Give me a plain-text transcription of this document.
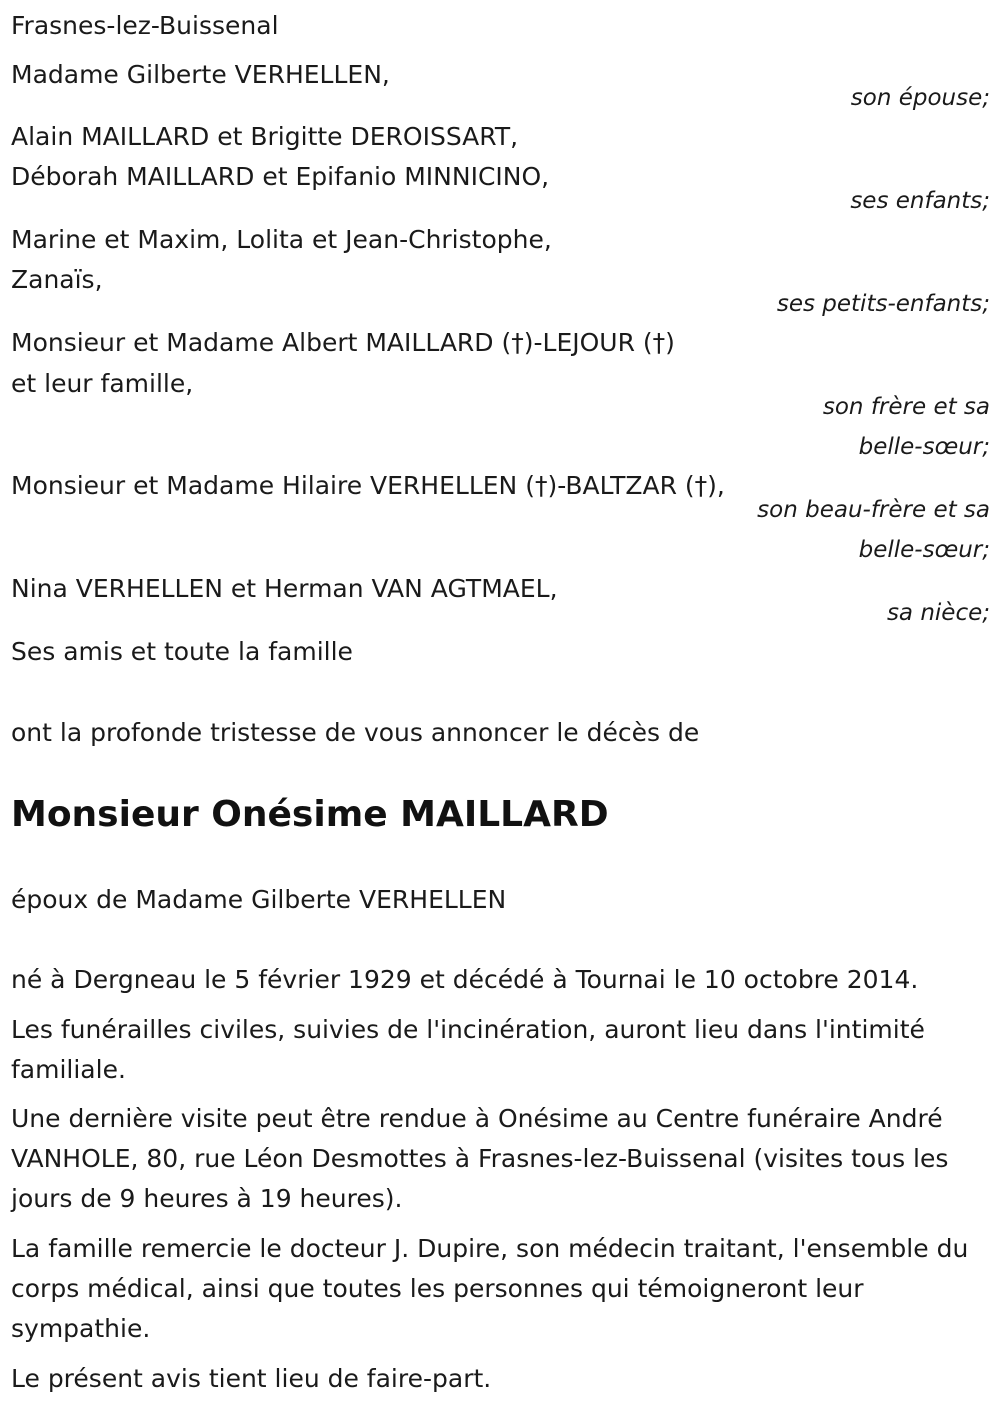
Frasnes-lez-Buissenal
Madame Gilberte VERHELLEN,
son épouse;
Alain MAILLARD et Brigitte DEROISSART,
Déborah MAILLARD et Epifanio MINNICINO,
ses enfants;
Marine et Maxim, Lolita et Jean-Christophe,
Zanaïs,
ses petits-enfants;
Monsieur et Madame Albert MAILLARD (†)-LEJOUR (†)
et leur famille,
son frère et sa
belle-sœur;
Monsieur et Madame Hilaire VERHELLEN (†)-BALTZAR (†),
son beau-frère et sa
belle-sœur;
Nina VERHELLEN et Herman VAN AGTMAEL,
sa nièce;
Ses amis et toute la famille
ont la profonde tristesse de vous annoncer le décès de
Monsieur Onésime MAILLARD
époux de Madame Gilberte VERHELLEN
né à Dergneau le 5 février 1929 et décédé à Tournai le 10 octobre 2014.
Les funérailles civiles, suivies de l'incinération, auront lieu dans l'intimité familiale.
Une dernière visite peut être rendue à Onésime au Centre funéraire André VANHOLE, 80, rue Léon Desmottes à Frasnes-lez-Buissenal (visites tous les jours de 9 heures à 19 heures).
La famille remercie le docteur J. Dupire, son médecin traitant, l'ensemble du corps médical, ainsi que toutes les personnes qui témoigneront leur sympathie.
Le présent avis tient lieu de faire-part.
